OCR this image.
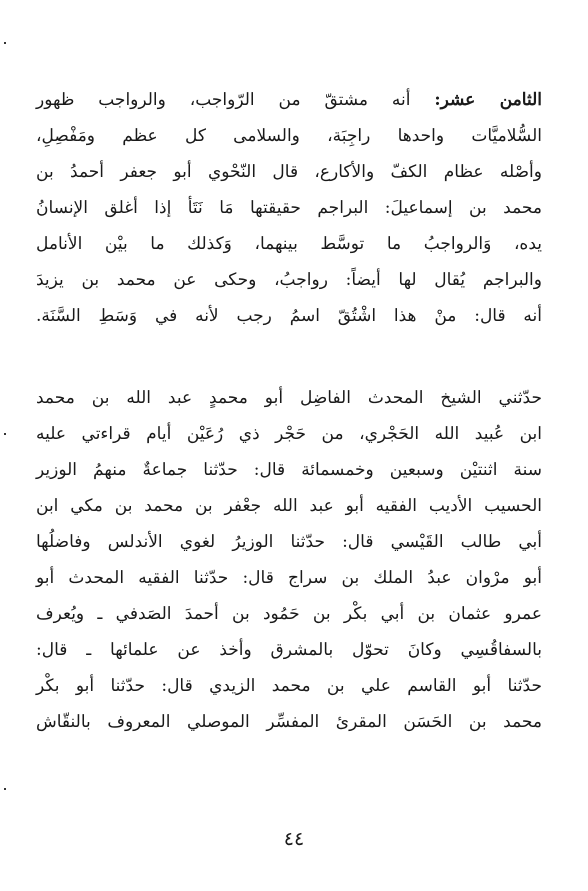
الثامن عشر: أنه مشتقّ من الرّواجب، والرواجب ظهور
السُّلاميَّات واحدها راجِبَة، والسلامى كل عظم ومَفْصِلِ،
وأصْله عظام الكفّ والأكارع، قال النّحْوي أبو جعفر أحمدُ بن
محمد بن إسماعيلَ: البراجم حقيقتها مَا نَتَأ إذا أغلق الإنسانُ
يده، وَالرواجبُ ما توسَّط بينهما، وَكذلك ما بيْن الأنامل
والبراجم يُقال لها أيضاً: رواجبُ، وحكى عن محمد بن يزيدَ
أنه قال: منْ هذا اشْتُقّ اسمُ رجب لأنه في وَسَطِ السَّنَة.
حدّثني الشيخ المحدث الفاضِل أبو محمدٍ عبد الله بن محمد
ابن عُبيد الله الحَجْري، من حَجْر ذي رُعَيْن أيام قراءتي عليه
سنة اثنتيْن وسبعين وخمسمائة قال: حدّثنا جماعةٌ منهمُ الوزير
الحسيب الأديب الفقيه أبو عبد الله جعْفر بن محمد بن مكي ابن
أبي طالب القَيْسي قال: حدّثنا الوزيرُ لغوي الأندلس وفاضلُها
أبو مرْوان عبدُ الملك بن سراج قال: حدّثنا الفقيه المحدث أبو
عمرو عثمان بن أبي بكْر بن حَمُود بن أحمدَ الصَدفي ـ ويُعرف
بالسفاقُسِي وكانَ تحوّل بالمشرق وأخذ عن علمائها ـ قال:
حدّثنا أبو القاسم علي بن محمد الزيدي قال: حدّثنا أبو بكْر
محمد بن الحَسَن المقرئ المفسِّر الموصلي المعروف بالنقّاش
٤٤
